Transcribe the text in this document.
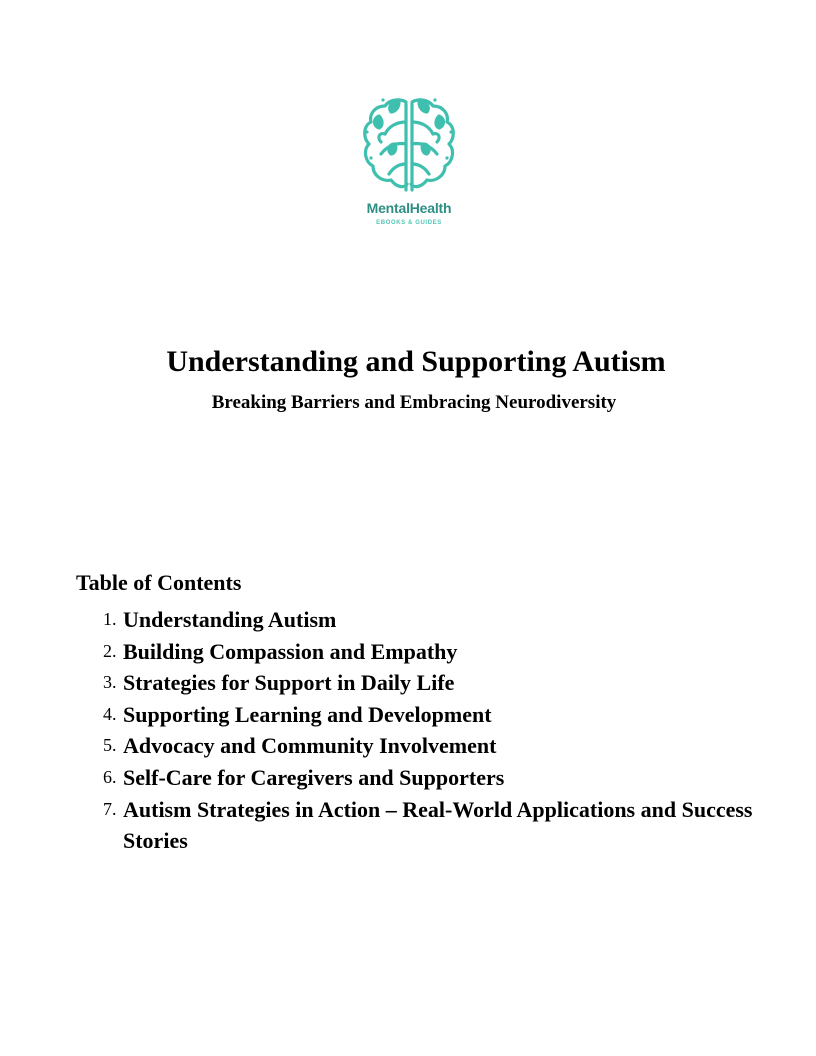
MentalHealth
EBOOKS & GUIDES
Understanding and Supporting Autism
Breaking Barriers and Embracing Neurodiversity
Table of Contents
1. Understanding Autism
2. Building Compassion and Empathy
3. Strategies for Support in Daily Life
4. Supporting Learning and Development
5. Advocacy and Community Involvement
6. Self-Care for Caregivers and Supporters
7. Autism Strategies in Action – Real-World Applications and Success Stories
